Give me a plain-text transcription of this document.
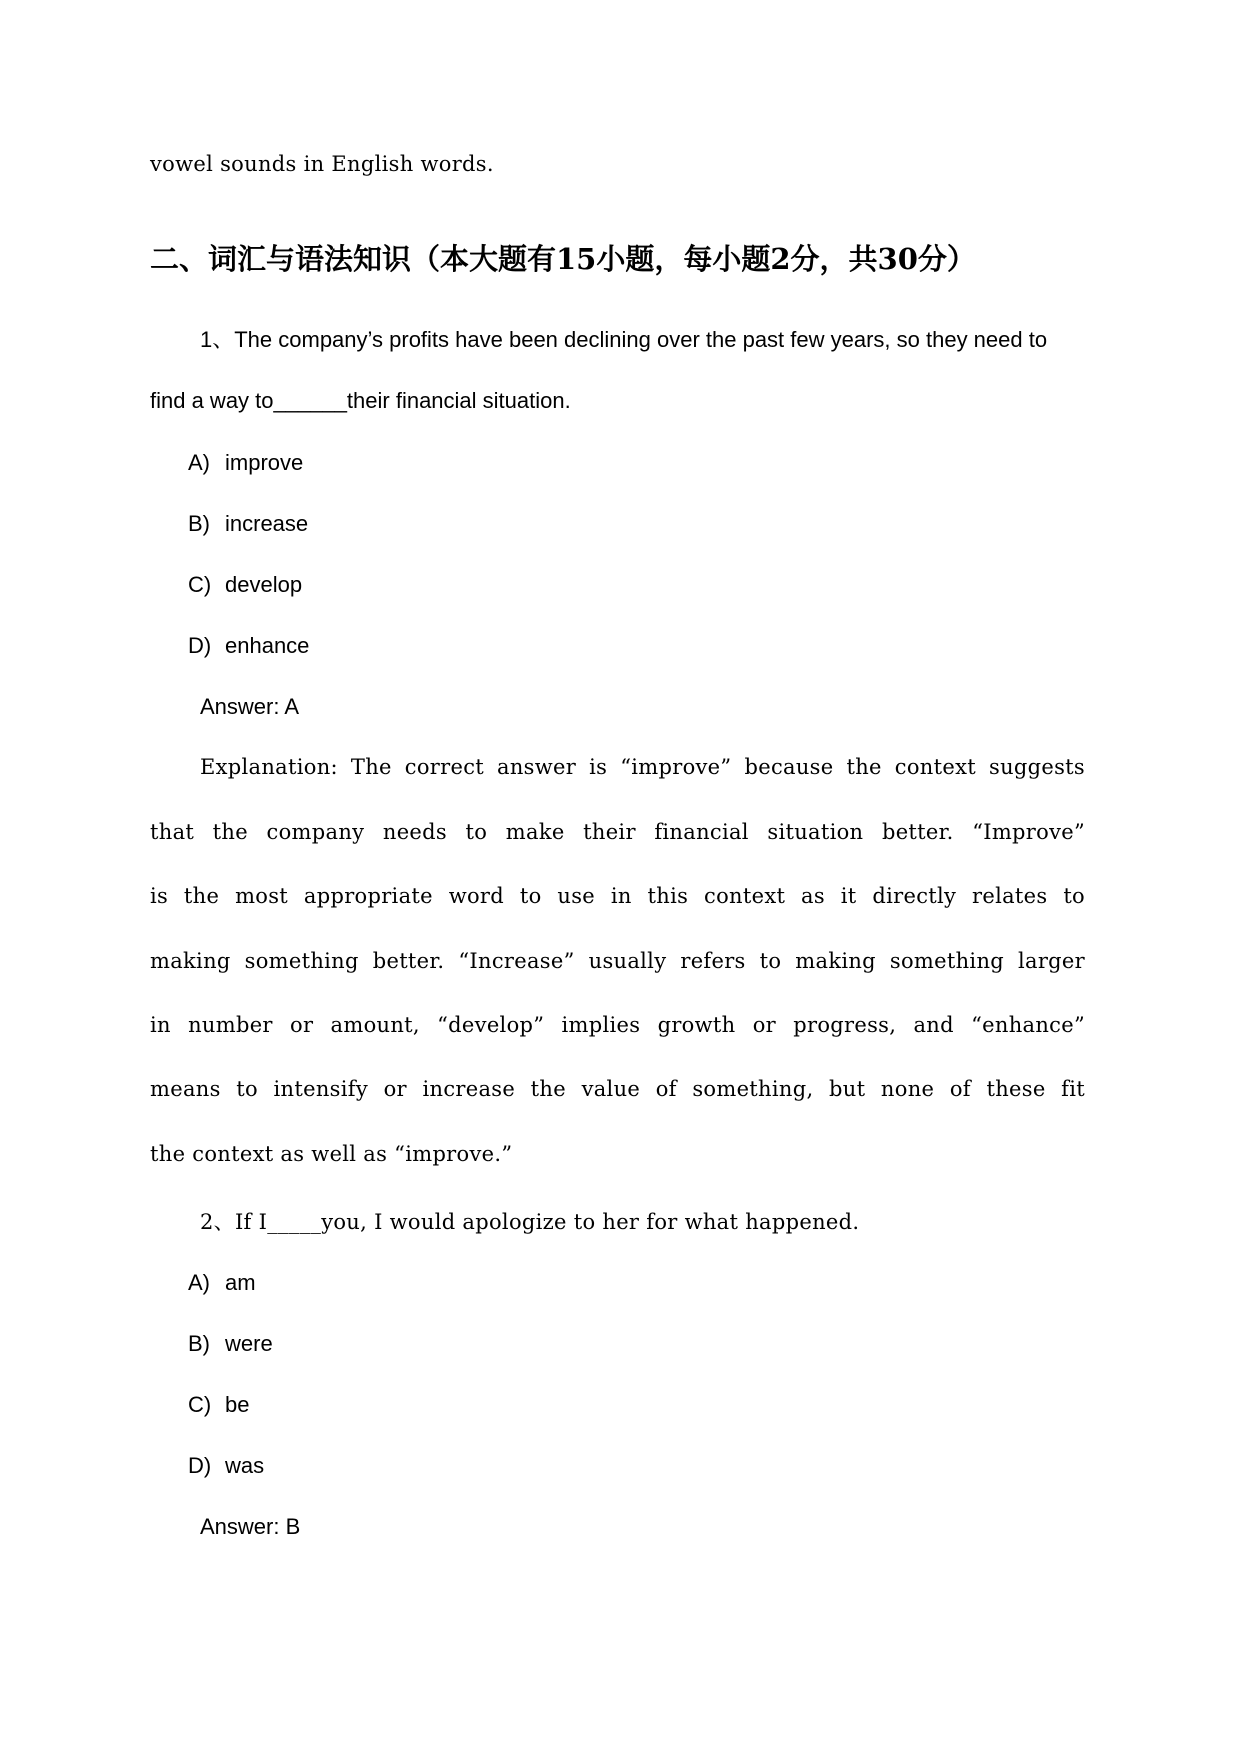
vowel sounds in English words.
二、词汇与语法知识（本大题有15小题，每小题2分，共30分）
1、The company’s profits have been declining over the past few years, so they need to
find a way to______their financial situation.
A) improve
B) increase
C) develop
D) enhance
Answer: A
Explanation: The correct answer is “improve” because the context suggests
that the company needs to make their financial situation better. “Improve”
is the most appropriate word to use in this context as it directly relates to
making something better. “Increase” usually refers to making something larger
in number or amount, “develop” implies growth or progress, and “enhance”
means to intensify or increase the value of something, but none of these fit
the context as well as “improve.”
2、If I_____you, I would apologize to her for what happened.
A) am
B) were
C) be
D) was
Answer: B
